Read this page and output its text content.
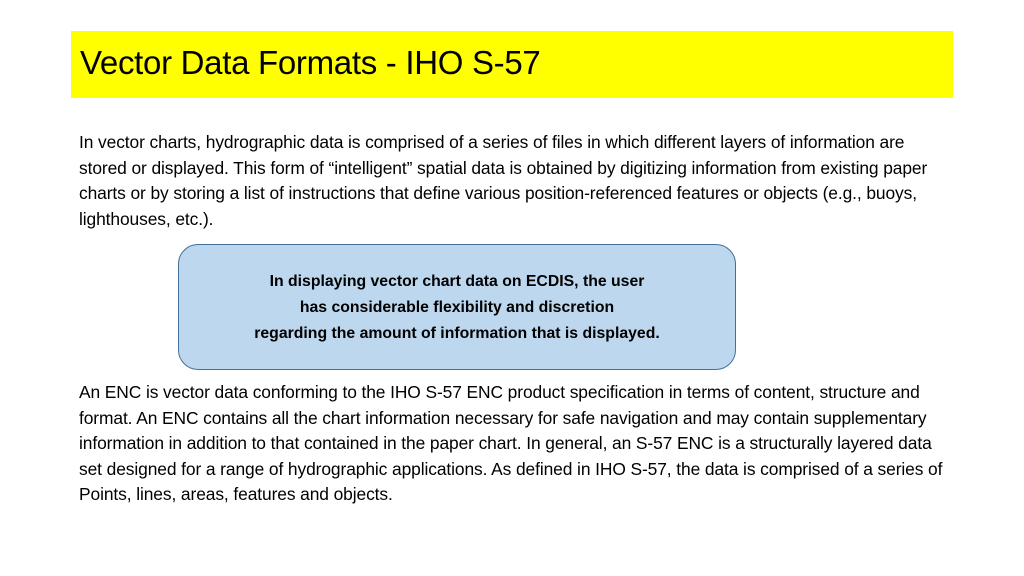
Vector Data Formats - IHO S-57

In vector charts, hydrographic data is comprised of a series of files in which different layers of information are stored or displayed. This form of “intelligent” spatial data is obtained by digitizing information from existing paper charts or by storing a list of instructions that define various position-referenced features or objects (e.g., buoys, lighthouses, etc.).

In displaying vector chart data on ECDIS, the user
has considerable flexibility and discretion
regarding the amount of information that is displayed.

An ENC is vector data conforming to the IHO S-57 ENC product specification in terms of content, structure and format. An ENC contains all the chart information necessary for safe navigation and may contain supplementary information in addition to that contained in the paper chart. In general, an S-57 ENC is a structurally layered data set designed for a range of hydrographic applications. As defined in IHO S-57, the data is comprised of a series of Points, lines, areas, features and objects.
